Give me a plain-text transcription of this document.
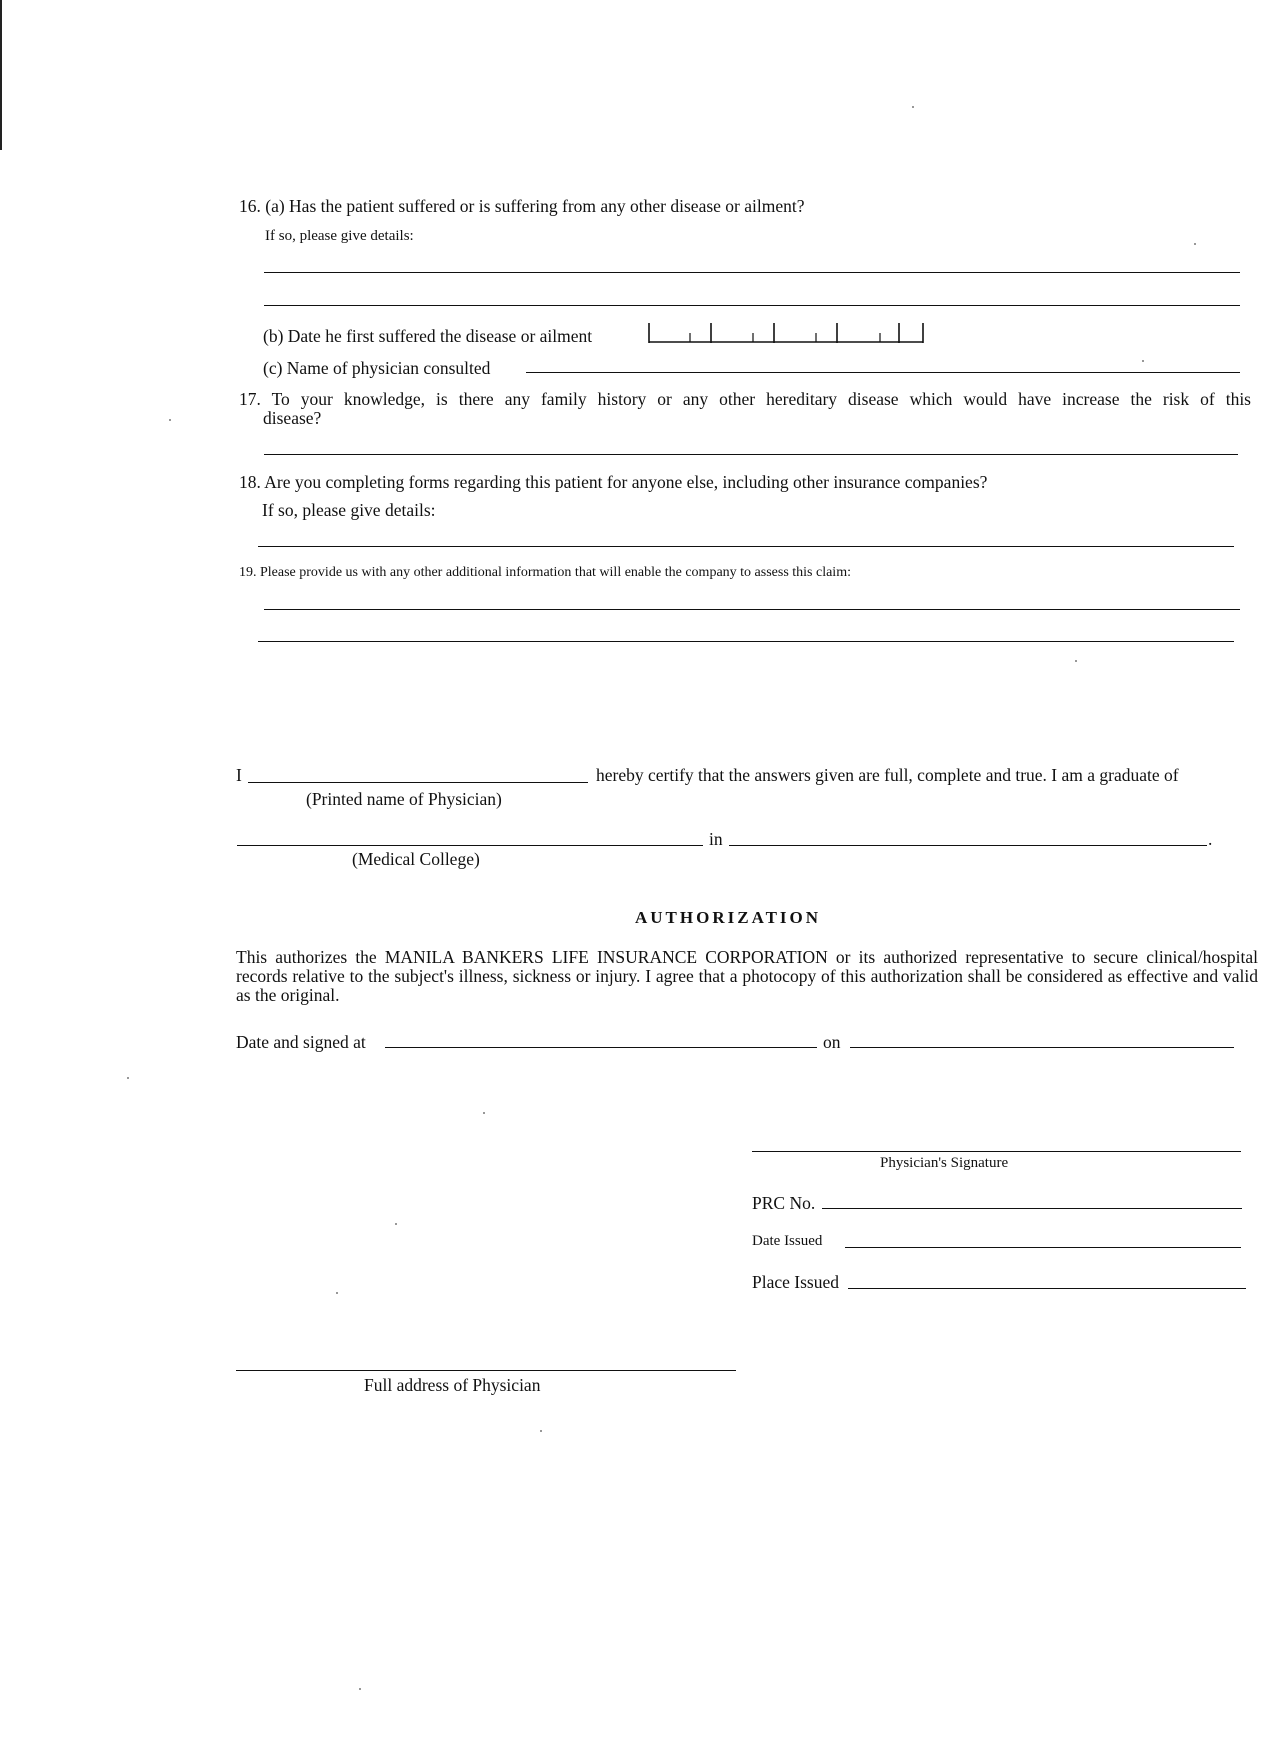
16. (a) Has the patient suffered or is suffering from any other disease or ailment?
If so, please give details:
(b) Date he first suffered the disease or ailment
(c) Name of physician consulted
17. To your knowledge, is there any family history or any other hereditary disease which would have increase the risk of this
disease?
18. Are you completing forms regarding this patient for anyone else, including other insurance companies?
If so, please give details:
19. Please provide us with any other additional information that will enable the company to assess this claim:
I	hereby certify that the answers given are full, complete and true. I am a graduate of
(Printed name of Physician)
in	.
(Medical College)
AUTHORIZATION
This authorizes the MANILA BANKERS LIFE INSURANCE CORPORATION or its authorized representative to secure clinical/hospital records relative to the subject's illness, sickness or injury. I agree that a photocopy of this authorization shall be considered as effective and valid as the original.
Date and signed at	on
Physician's Signature
PRC No.
Date Issued
Place Issued
Full address of Physician
